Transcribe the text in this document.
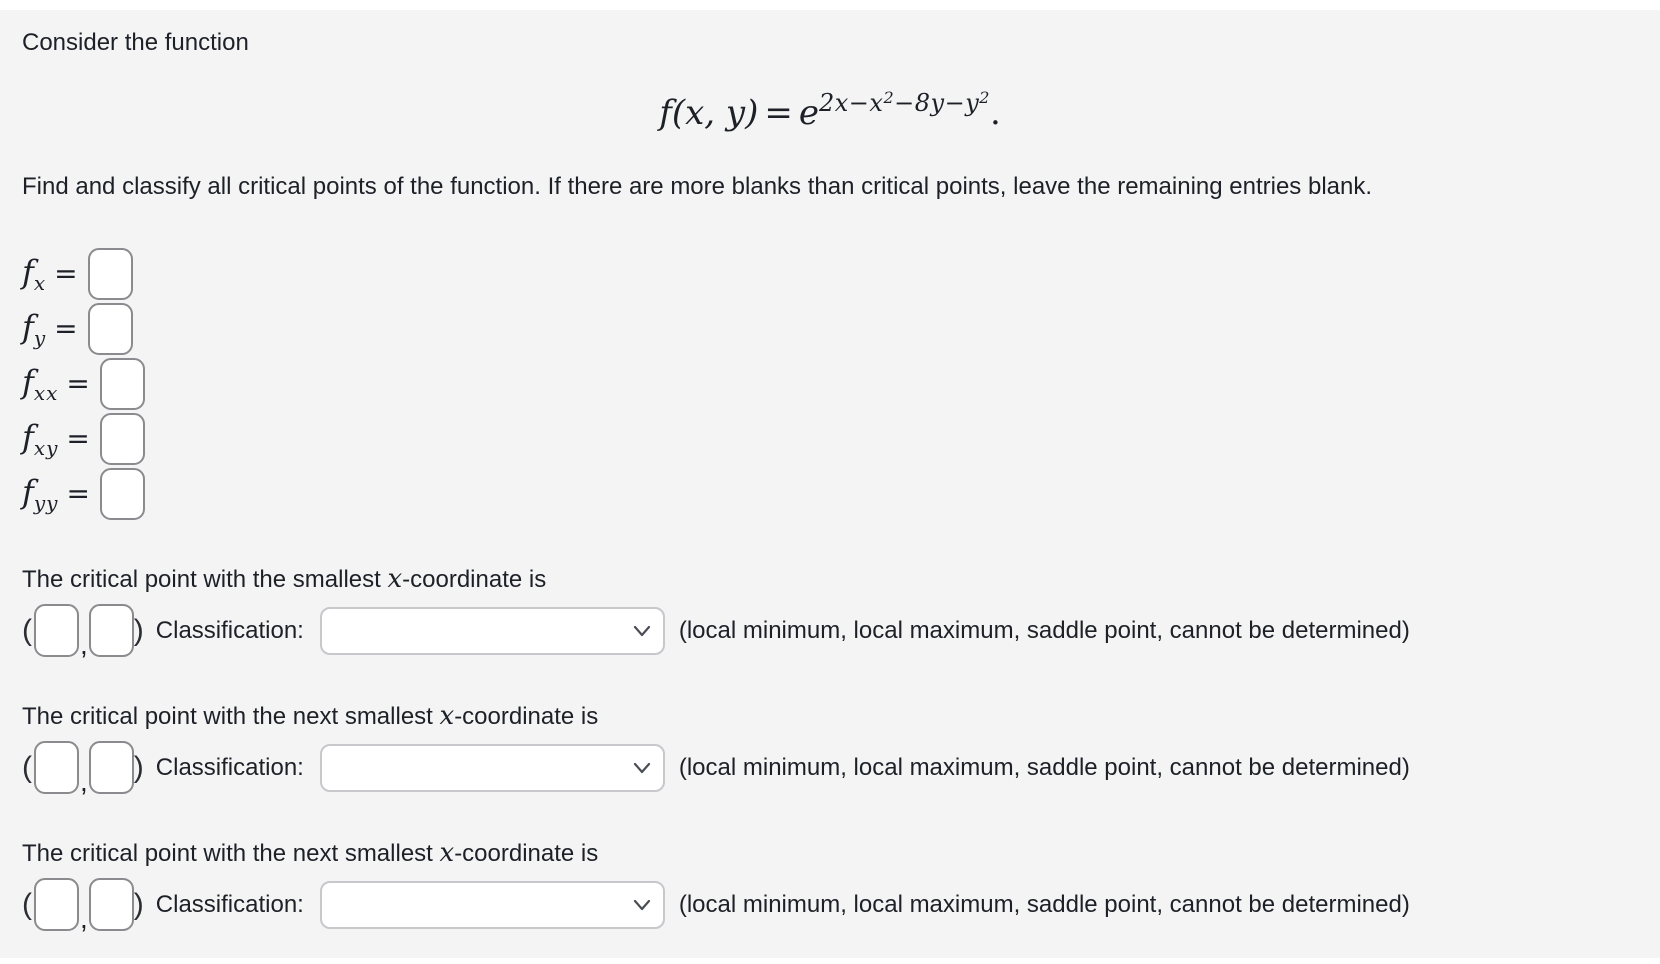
Consider the function
f(x, $y) = e^{2x-x^2-8y-y^2}$.
Find and classify all critical points of the function. If there are more blanks than critical points, leave the remaining entries blank.
$f_x$ =
$f_y$ =
$f_{xx}$ =
$f_{xy}$ =
$f_{yy}$ =
The critical point with the smallest x-coordinate is
( , ) Classification:	(local minimum, local maximum, saddle point, cannot be determined)
The critical point with the next smallest x-coordinate is
( , ) Classification:	(local minimum, local maximum, saddle point, cannot be determined)
The critical point with the next smallest x-coordinate is
( , ) Classification:	(local minimum, local maximum, saddle point, cannot be determined)
